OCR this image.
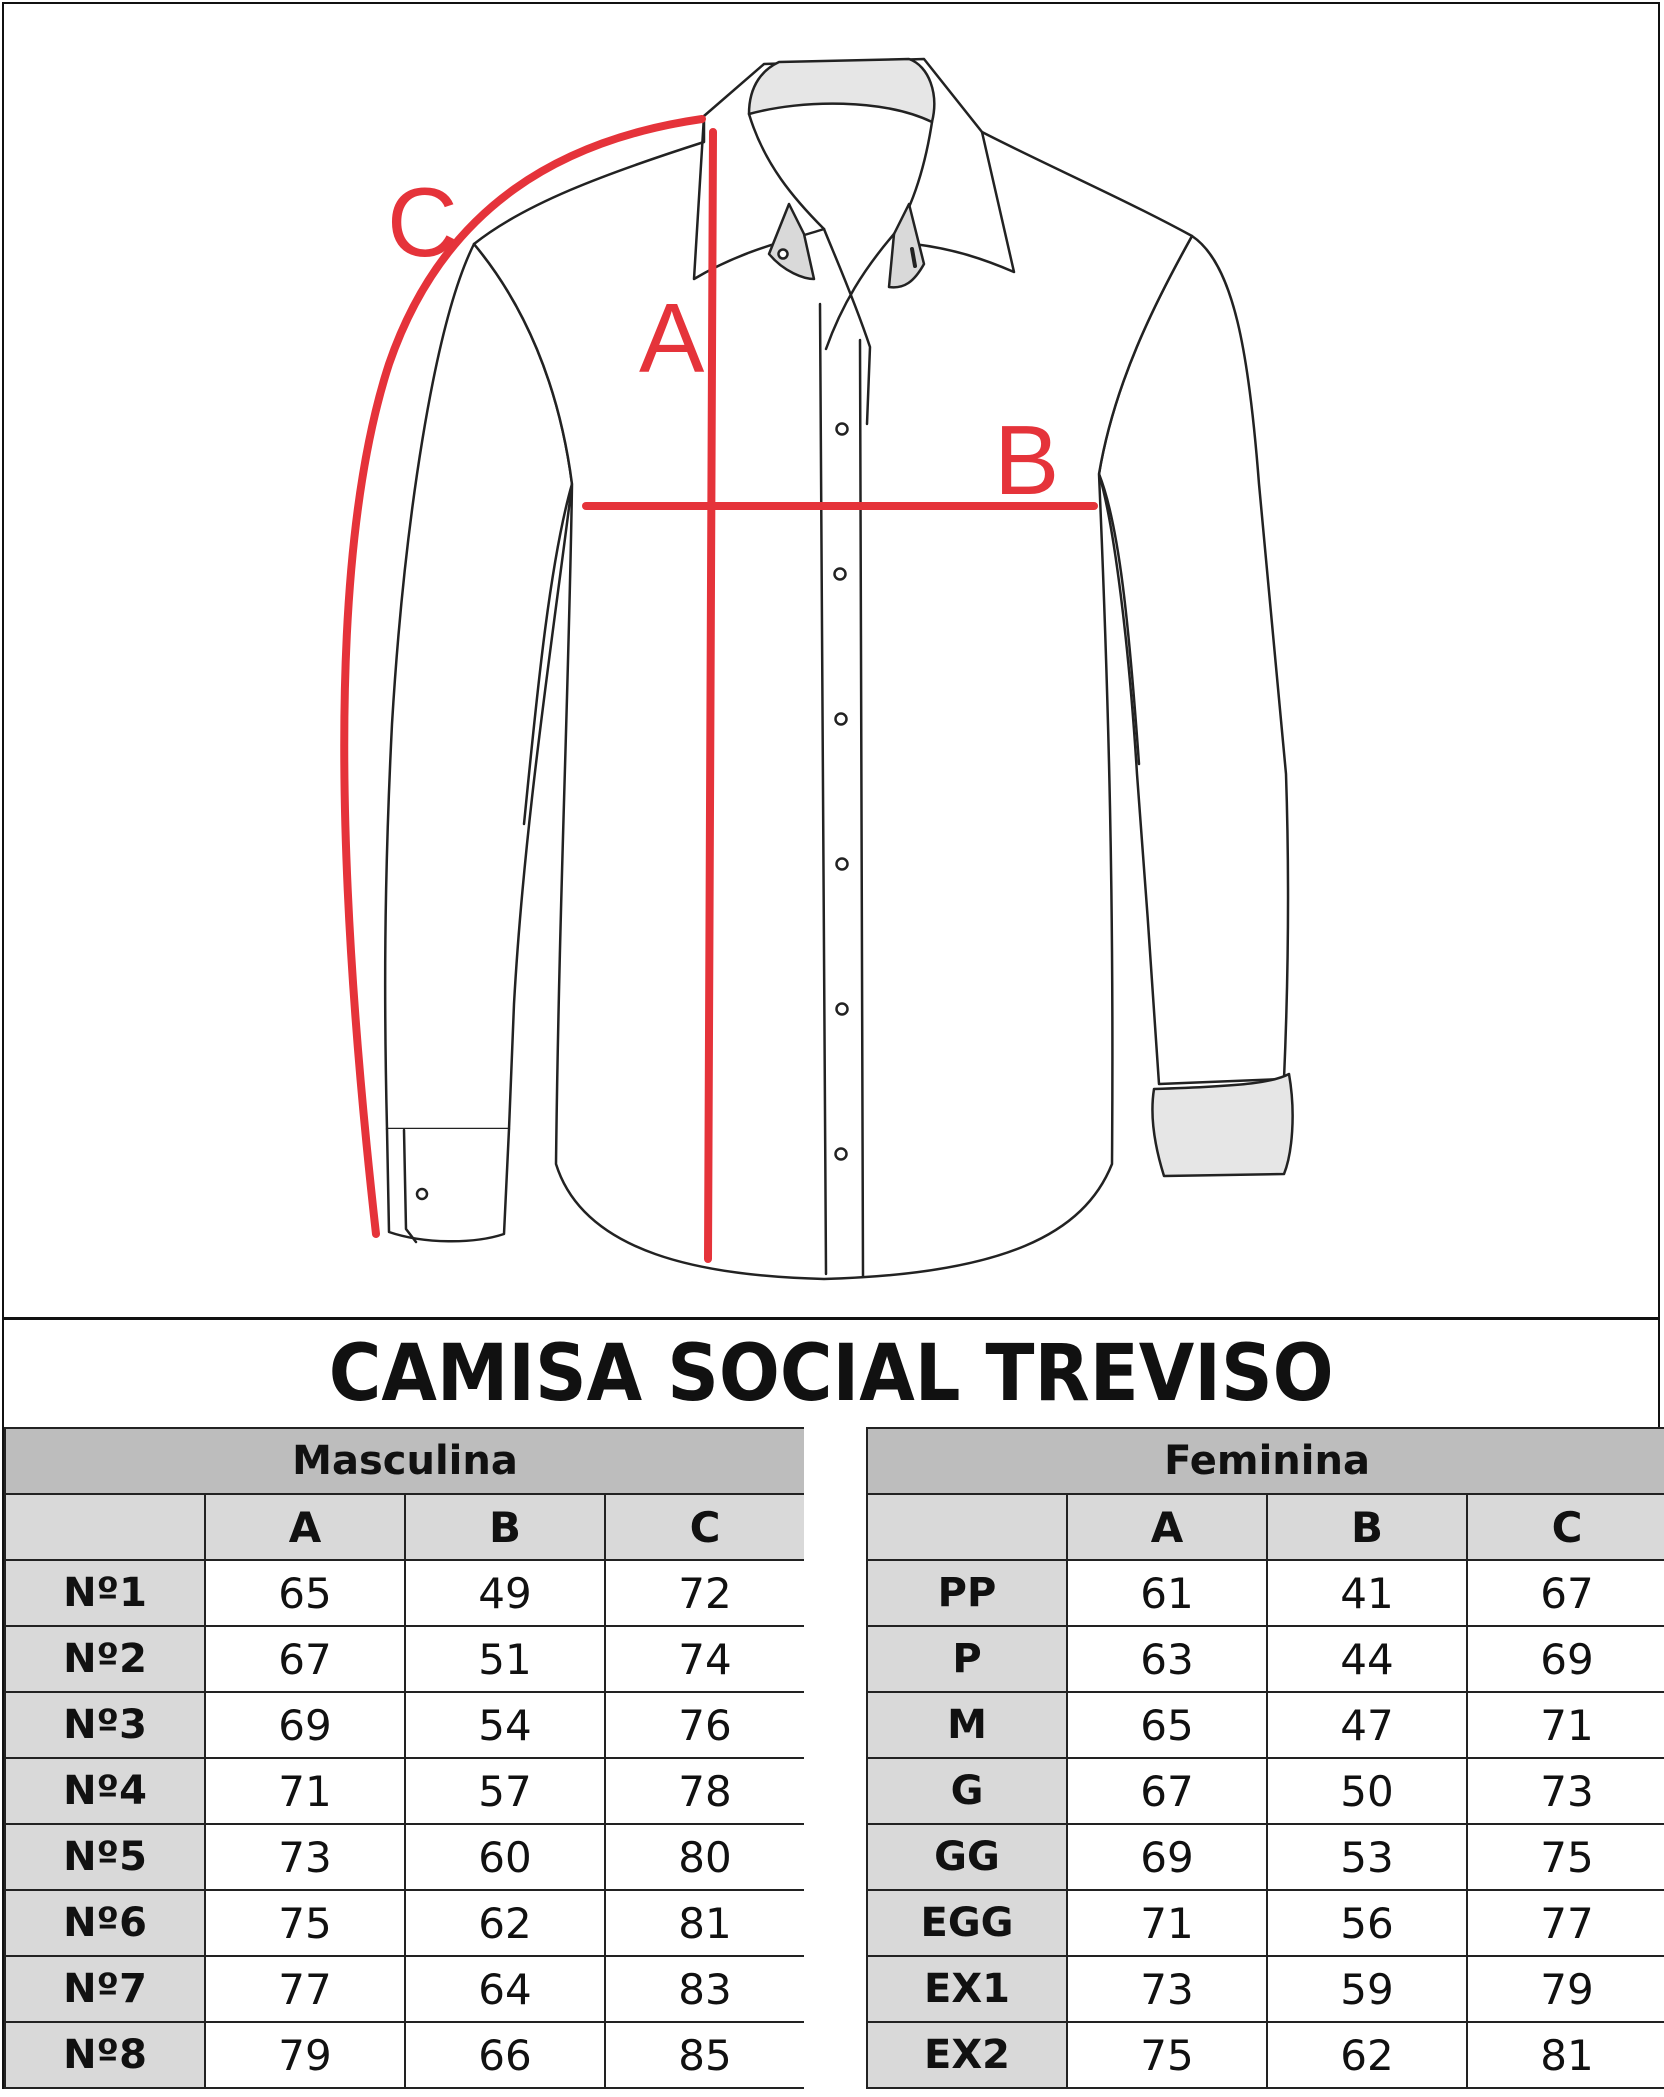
A
B
C
CAMISA SOCIAL TREVISO
Masculina			
	A	B	C
Nº1	65	49	72
Nº2	67	51	74
Nº3	69	54	76
Nº4	71	57	78
Nº5	73	60	80
Nº6	75	62	81
Nº7	77	64	83
Nº8	79	66	85
Feminina			
	A	B	C
PP	61	41	67
P	63	44	69
M	65	47	71
G	67	50	73
GG	69	53	75
EGG	71	56	77
EX1	73	59	79
EX2	75	62	81
